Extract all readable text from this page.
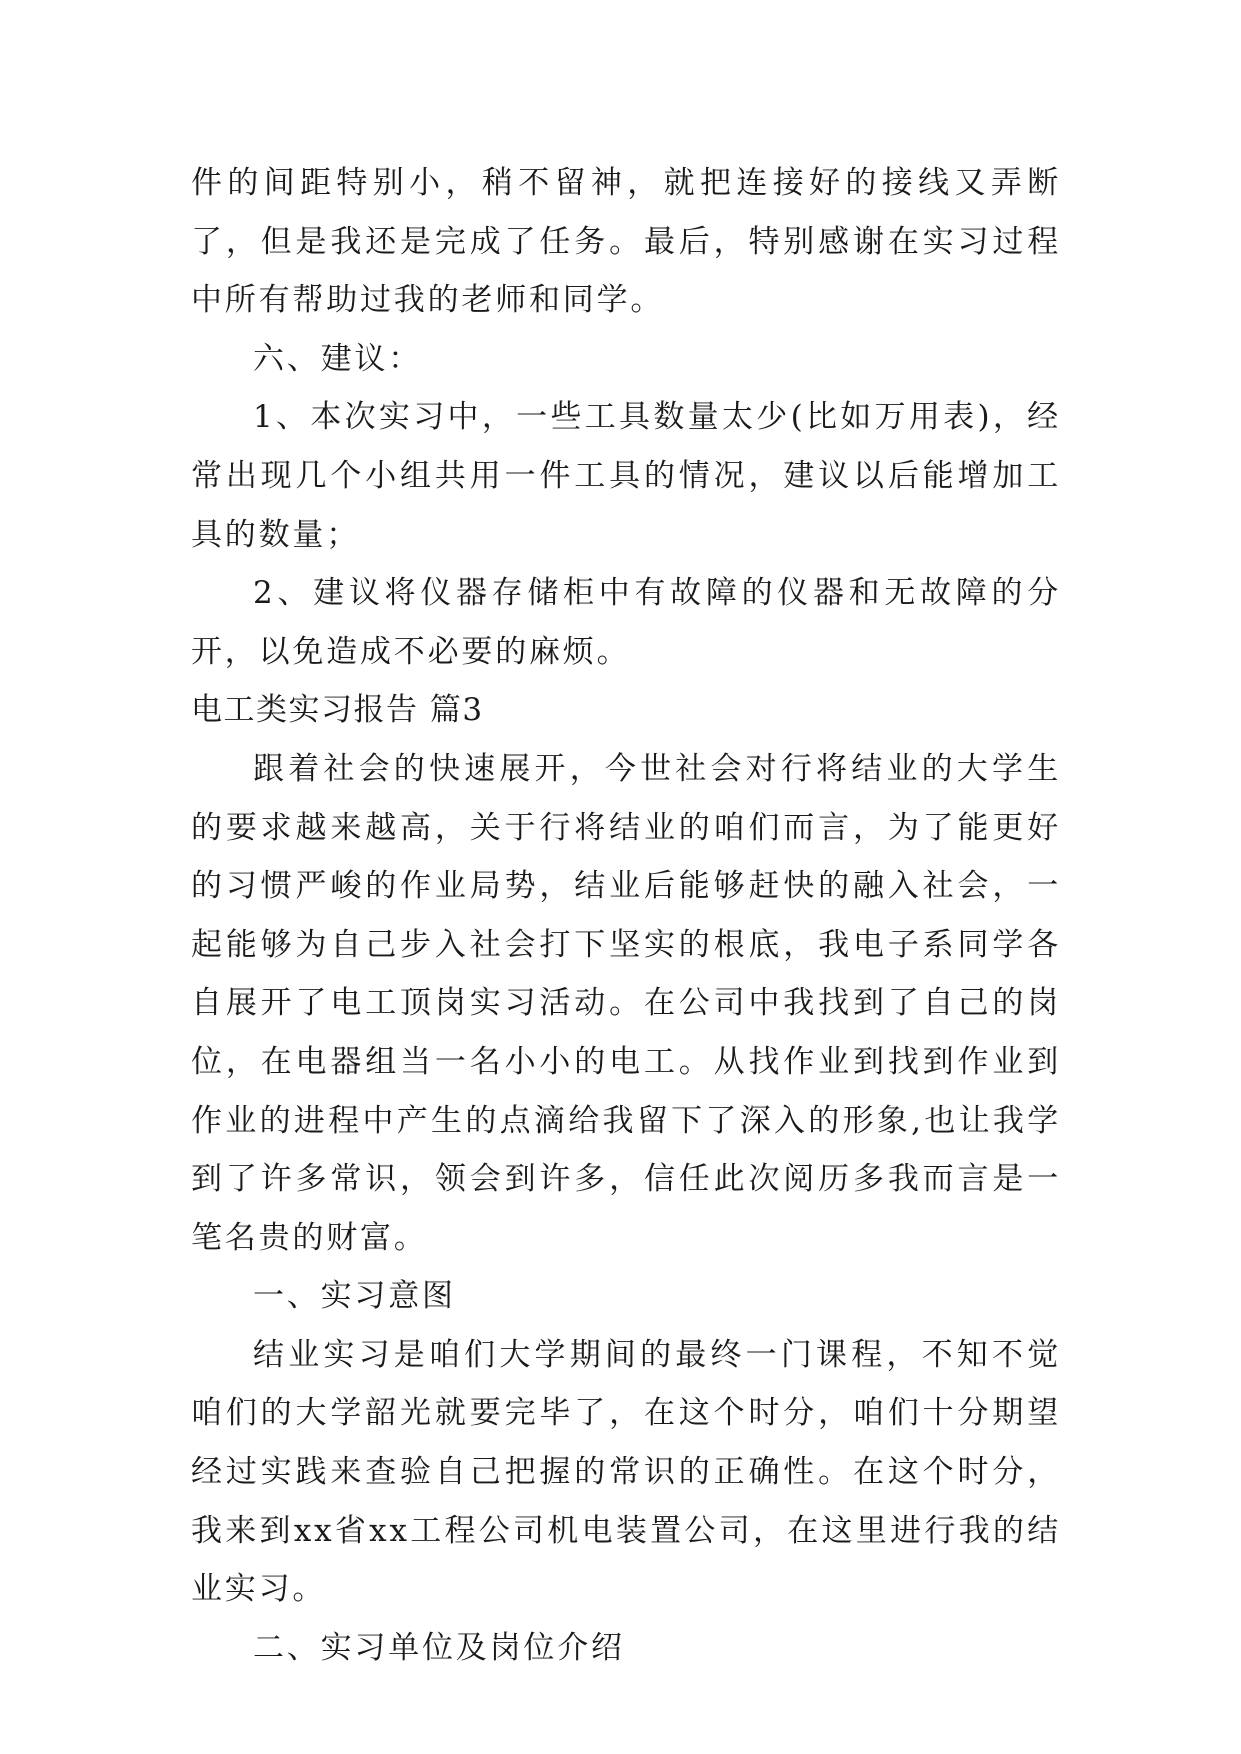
件的间距特别小，稍不留神，就把连接好的接线又弄断了，但是我还是完成了任务。最后，特别感谢在实习过程中所有帮助过我的老师和同学。

六、建议：

1、本次实习中，一些工具数量太少(比如万用表)，经常出现几个小组共用一件工具的情况，建议以后能增加工具的数量；

2、建议将仪器存储柜中有故障的仪器和无故障的分开，以免造成不必要的麻烦。

电工类实习报告 篇3

跟着社会的快速展开，今世社会对行将结业的大学生的要求越来越高，关于行将结业的咱们而言，为了能更好的习惯严峻的作业局势，结业后能够赶快的融入社会，一起能够为自己步入社会打下坚实的根底，我电子系同学各自展开了电工顶岗实习活动。在公司中我找到了自己的岗位，在电器组当一名小小的电工。从找作业到找到作业到作业的进程中产生的点滴给我留下了深入的形象,也让我学到了许多常识，领会到许多，信任此次阅历多我而言是一笔名贵的财富。

一、实习意图

结业实习是咱们大学期间的最终一门课程，不知不觉咱们的大学韶光就要完毕了，在这个时分，咱们十分期望经过实践来查验自己把握的常识的正确性。在这个时分，我来到xx省xx工程公司机电装置公司，在这里进行我的结业实习。

二、实习单位及岗位介绍
